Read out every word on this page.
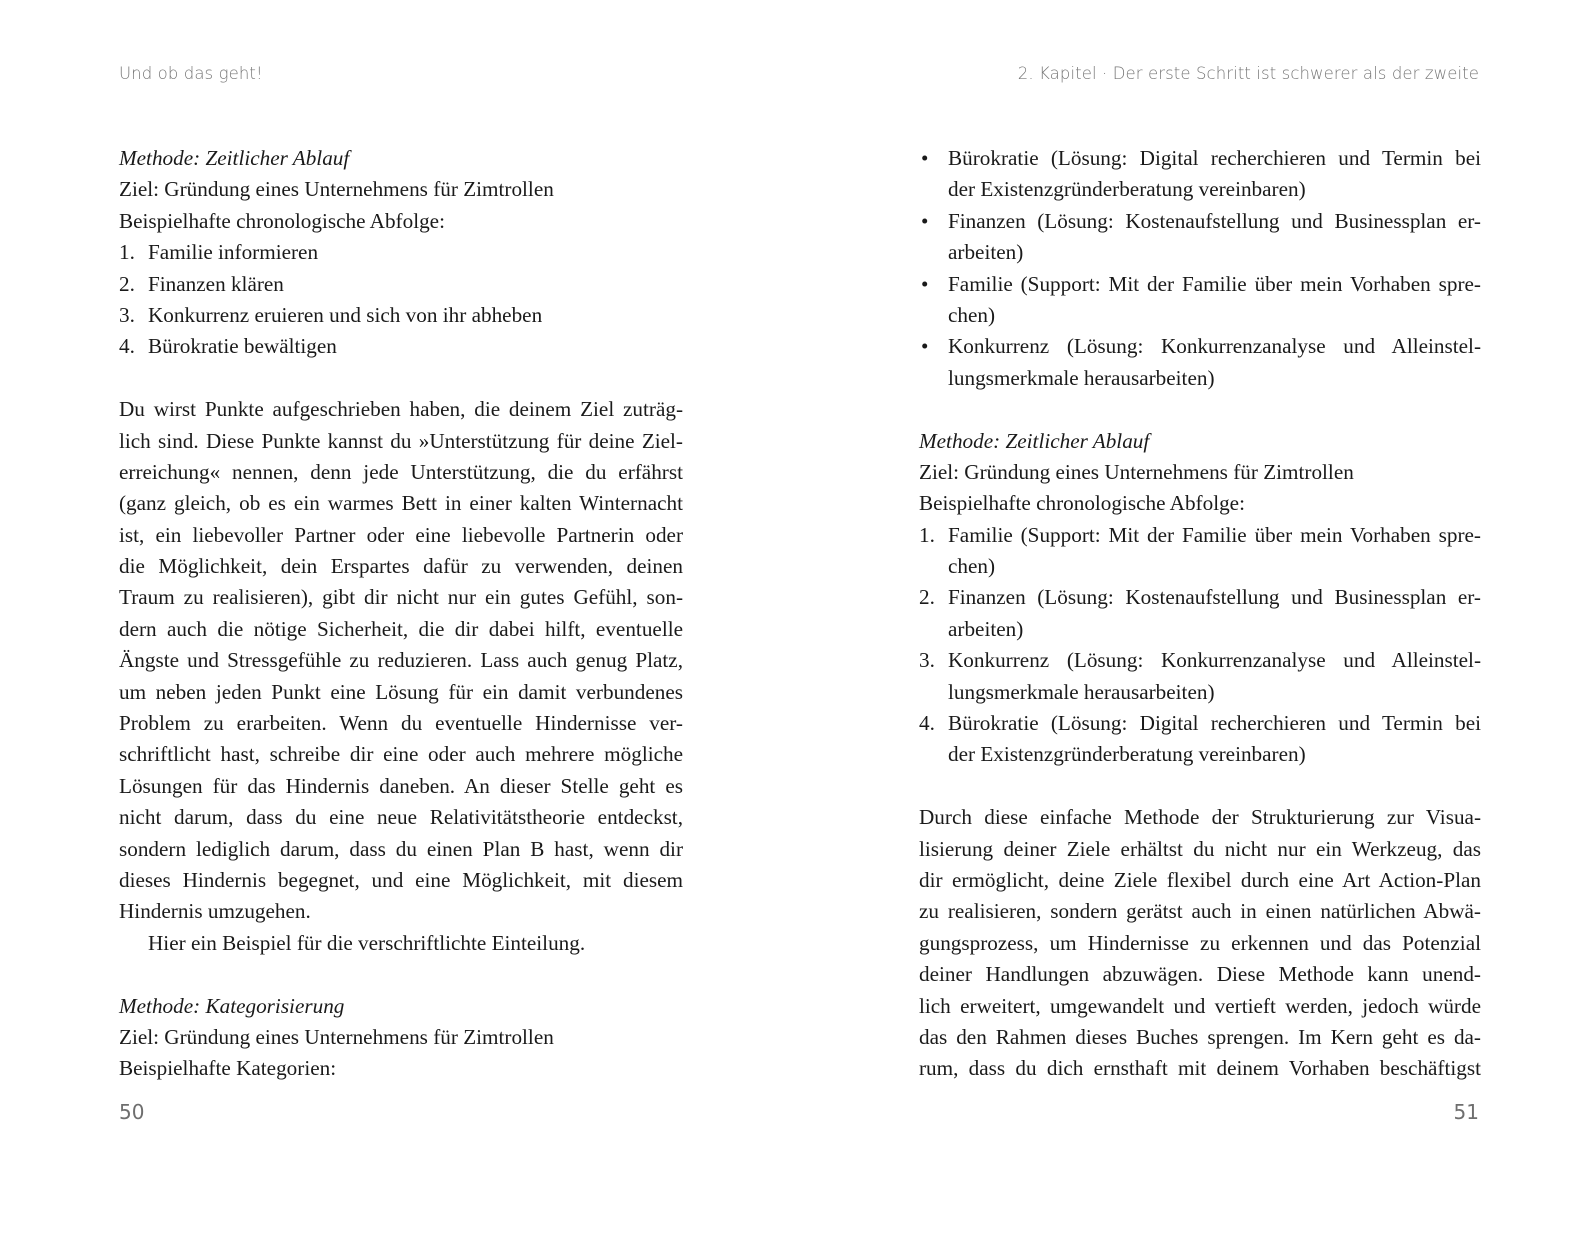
Und ob das geht!
Methode: Zeitlicher Ablauf
Ziel: Gründung eines Unternehmens für Zimtrollen
Beispielhafte chronologische Abfolge:
1. Familie informieren
2. Finanzen klären
3. Konkurrenz eruieren und sich von ihr abheben
4. Bürokratie bewältigen
Du wirst Punkte aufgeschrieben haben, die deinem Ziel zuträg-
lich sind. Diese Punkte kannst du »Unterstützung für deine Ziel-
erreichung« nennen, denn jede Unterstützung, die du erfährst
(ganz gleich, ob es ein warmes Bett in einer kalten Winternacht
ist, ein liebevoller Partner oder eine liebevolle Partnerin oder
die Möglichkeit, dein Erspartes dafür zu verwenden, deinen
Traum zu realisieren), gibt dir nicht nur ein gutes Gefühl, son-
dern auch die nötige Sicherheit, die dir dabei hilft, eventuelle
Ängste und Stressgefühle zu reduzieren. Lass auch genug Platz,
um neben jeden Punkt eine Lösung für ein damit verbundenes
Problem zu erarbeiten. Wenn du eventuelle Hindernisse ver-
schriftlicht hast, schreibe dir eine oder auch mehrere mögliche
Lösungen für das Hindernis daneben. An dieser Stelle geht es
nicht darum, dass du eine neue Relativitätstheorie entdeckst,
sondern lediglich darum, dass du einen Plan B hast, wenn dir
dieses Hindernis begegnet, und eine Möglichkeit, mit diesem
Hindernis umzugehen.
Hier ein Beispiel für die verschriftlichte Einteilung.
Methode: Kategorisierung
Ziel: Gründung eines Unternehmens für Zimtrollen
Beispielhafte Kategorien:
50
2. Kapitel · Der erste Schritt ist schwerer als der zweite
• Bürokratie (Lösung: Digital recherchieren und Termin bei
der Existenzgründerberatung vereinbaren)
• Finanzen (Lösung: Kostenaufstellung und Businessplan er-
arbeiten)
• Familie (Support: Mit der Familie über mein Vorhaben spre-
chen)
• Konkurrenz (Lösung: Konkurrenzanalyse und Alleinstel-
lungsmerkmale herausarbeiten)
Methode: Zeitlicher Ablauf
Ziel: Gründung eines Unternehmens für Zimtrollen
Beispielhafte chronologische Abfolge:
1. Familie (Support: Mit der Familie über mein Vorhaben spre-
chen)
2. Finanzen (Lösung: Kostenaufstellung und Businessplan er-
arbeiten)
3. Konkurrenz (Lösung: Konkurrenzanalyse und Alleinstel-
lungsmerkmale herausarbeiten)
4. Bürokratie (Lösung: Digital recherchieren und Termin bei
der Existenzgründerberatung vereinbaren)
Durch diese einfache Methode der Strukturierung zur Visua-
lisierung deiner Ziele erhältst du nicht nur ein Werkzeug, das
dir ermöglicht, deine Ziele flexibel durch eine Art Action-Plan
zu realisieren, sondern gerätst auch in einen natürlichen Abwä-
gungsprozess, um Hindernisse zu erkennen und das Potenzial
deiner Handlungen abzuwägen. Diese Methode kann unend-
lich erweitert, umgewandelt und vertieft werden, jedoch würde
das den Rahmen dieses Buches sprengen. Im Kern geht es da-
rum, dass du dich ernsthaft mit deinem Vorhaben beschäftigst
51
